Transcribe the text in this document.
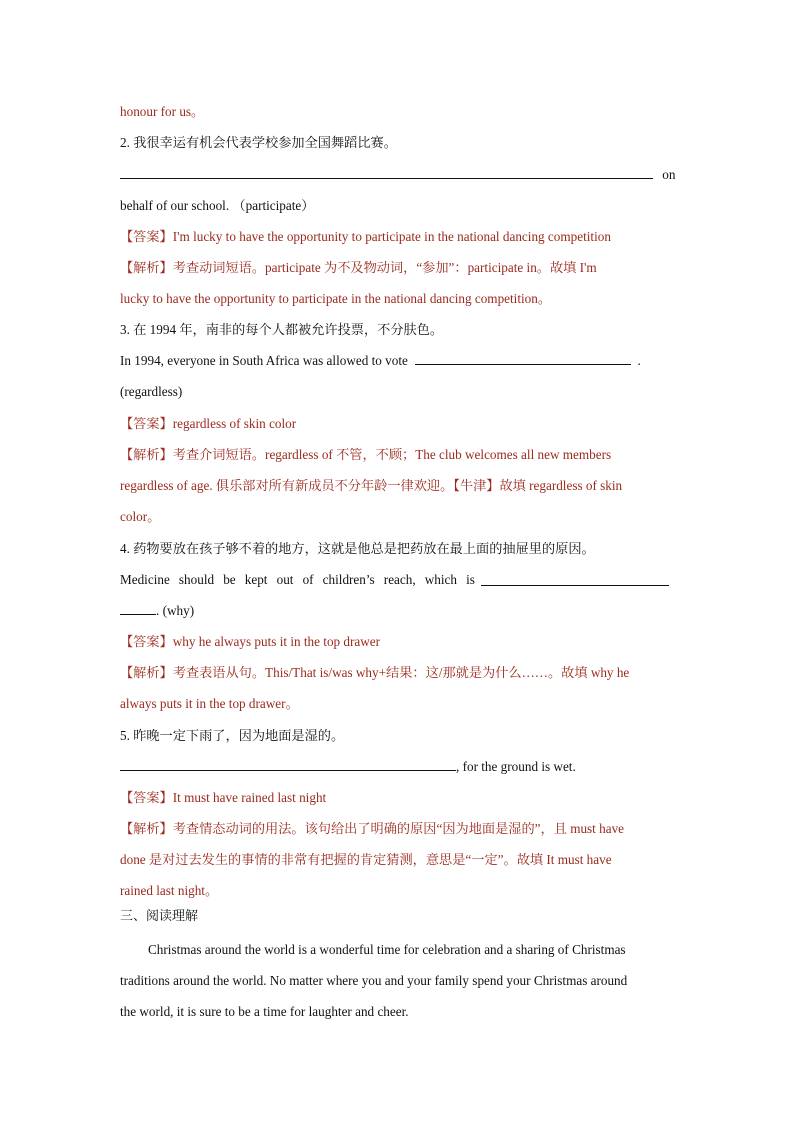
honour for us。
2. 我很幸运有机会代表学校参加全国舞蹈比赛。
on
behalf of our school. （participate）
【答案】I'm lucky to have the opportunity to participate in the national dancing competition
【解析】考查动词短语。participate 为不及物动词，“参加”：participate in。故填 I'm
lucky to have the opportunity to participate in the national dancing competition。
3. 在 1994 年，南非的每个人都被允许投票，不分肤色。
In 1994, everyone in South Africa was allowed to vote	.
(regardless)
【答案】regardless of skin color
【解析】考查介词短语。regardless of 不管，不顾；The club welcomes all new members
regardless of age. 俱乐部对所有新成员不分年龄一律欢迎。【牛津】故填 regardless of skin
color。
4. 药物要放在孩子够不着的地方，这就是他总是把药放在最上面的抽屉里的原因。
Medicine should be kept out of children’s reach, which is
. (why)
【答案】why he always puts it in the top drawer
【解析】考查表语从句。This/That is/was why+结果：这/那就是为什么……。故填 why he
always puts it in the top drawer。
5. 昨晚一定下雨了，因为地面是湿的。
, for the ground is wet.
【答案】It must have rained last night
【解析】考查情态动词的用法。该句给出了明确的原因“因为地面是湿的”，且 must have
done 是对过去发生的事情的非常有把握的肯定猜测，意思是“一定”。故填 It must have
rained last night。
三、阅读理解
Christmas around the world is a wonderful time for celebration and a sharing of Christmas
traditions around the world. No matter where you and your family spend your Christmas around
the world, it is sure to be a time for laughter and cheer.
